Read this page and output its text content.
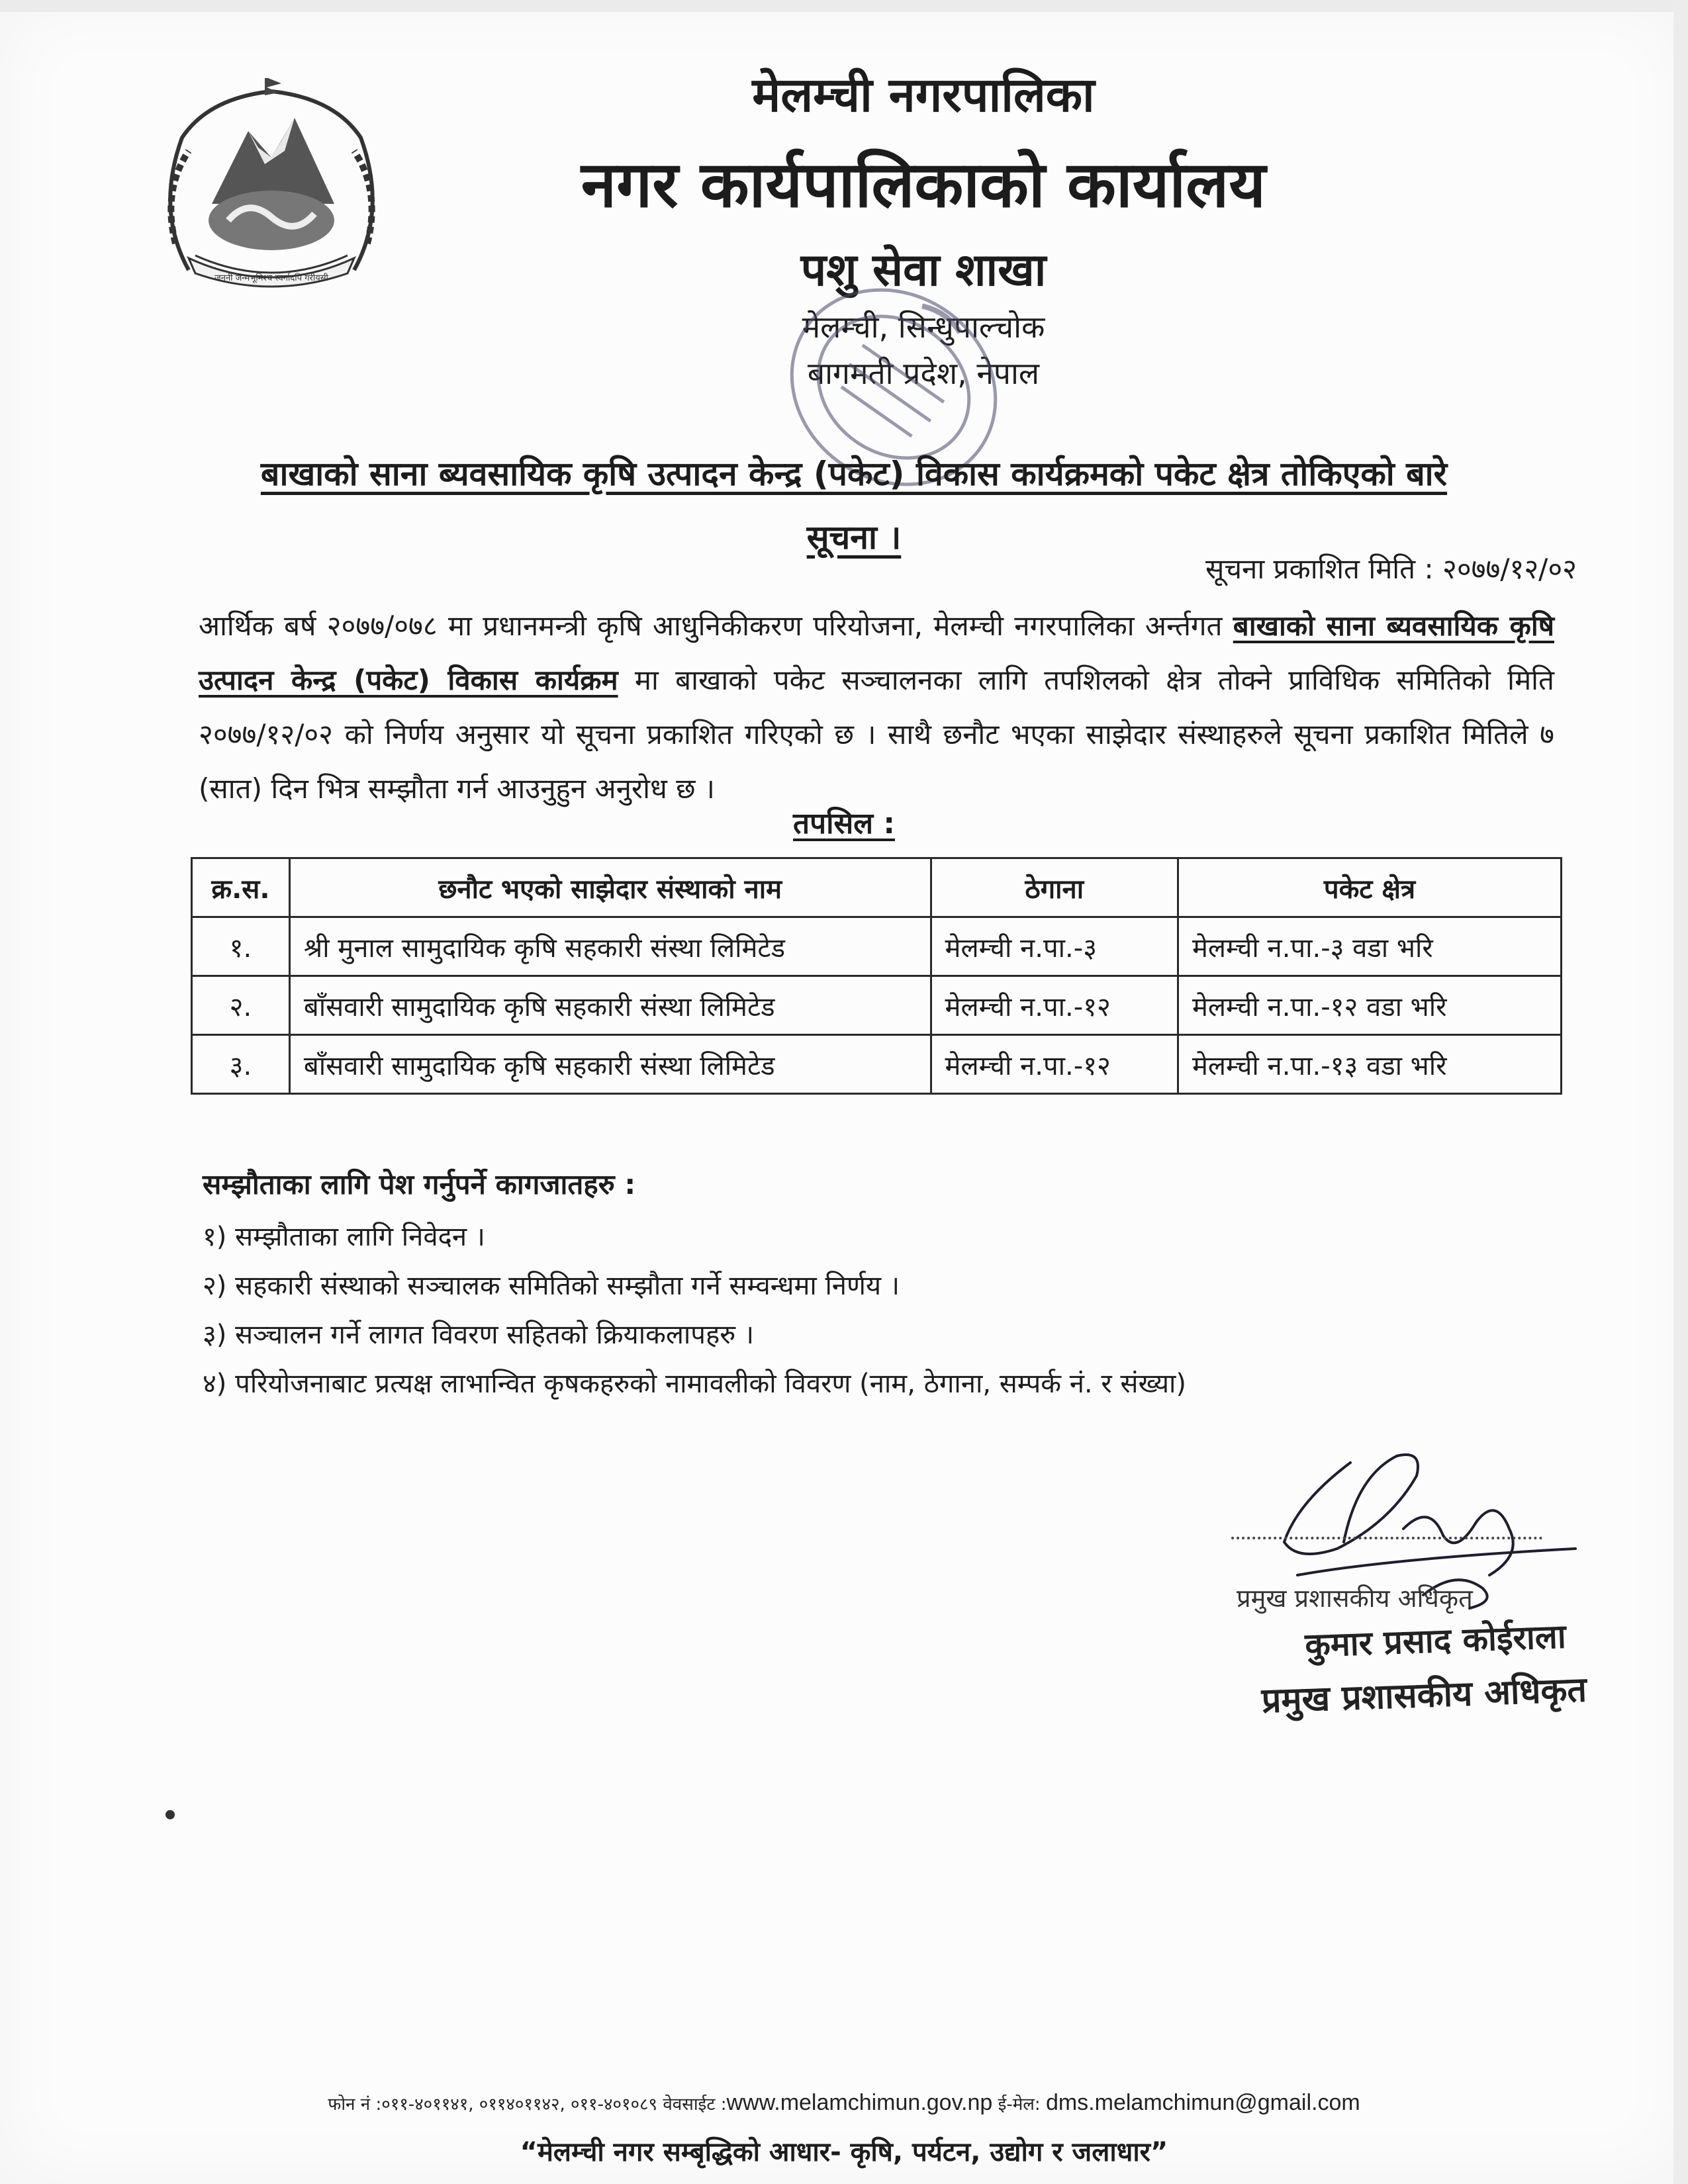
जननी जन्मभूमिश्च स्वर्गादपि गरीयसी
मेलम्ची नगरपालिका
नगर कार्यपालिकाको कार्यालय
पशु सेवा शाखा
मेलम्ची, सिन्धुपाल्चोक
बागमती प्रदेश, नेपाल
बाखाको साना ब्यवसायिक कृषि उत्पादन केन्द्र (पकेट) विकास कार्यक्रमको पकेट क्षेत्र तोकिएको बारे
सूचना ।
सूचना प्रकाशित मिति : २०७७/१२/०२
आर्थिक बर्ष २०७७/०७८ मा प्रधानमन्त्री कृषि आधुनिकीकरण परियोजना, मेलम्ची नगरपालिका अर्न्तगत बाखाको साना ब्यवसायिक कृषि उत्पादन केन्द्र (पकेट) विकास कार्यक्रम मा बाखाको पकेट सञ्चालनका लागि तपशिलको क्षेत्र तोक्ने प्राविधिक समितिको मिति २०७७/१२/०२ को निर्णय अनुसार यो सूचना प्रकाशित गरिएको छ । साथै छनौट भएका साझेदार संस्थाहरुले सूचना प्रकाशित मितिले ७ (सात) दिन भित्र सम्झौता गर्न आउनुहुन अनुरोध छ ।
तपसिल :
क्र.स.	छनौट भएको साझेदार संस्थाको नाम	ठेगाना	पकेट क्षेत्र
१.	श्री मुनाल सामुदायिक कृषि सहकारी संस्था लिमिटेड	मेलम्ची न.पा.-३	मेलम्ची न.पा.-३ वडा भरि
२.	बाँसवारी सामुदायिक कृषि सहकारी संस्था लिमिटेड	मेलम्ची न.पा.-१२	मेलम्ची न.पा.-१२ वडा भरि
३.	बाँसवारी सामुदायिक कृषि सहकारी संस्था लिमिटेड	मेलम्ची न.पा.-१२	मेलम्ची न.पा.-१३ वडा भरि
सम्झौताका लागि पेश गर्नुपर्ने कागजातहरु :
१) सम्झौताका लागि निवेदन ।
२) सहकारी संस्थाको सञ्चालक समितिको सम्झौता गर्ने सम्वन्धमा निर्णय ।
३) सञ्चालन गर्ने लागत विवरण सहितको क्रियाकलापहरु ।
४) परियोजनाबाट प्रत्यक्ष लाभान्वित कृषकहरुको नामावलीको विवरण (नाम, ठेगाना, सम्पर्क नं. र संख्या)
प्रमुख प्रशासकीय अधिकृत
कुमार प्रसाद कोईराला
प्रमुख प्रशासकीय अधिकृत
फोन नं :०११-४०११४१, ०११४०११४२, ०११-४०१०८९ वेवसाईट :www.melamchimun.gov.np ई-मेल: dms.melamchimun@gmail.com
“मेलम्ची नगर सम्बृद्धिको आधार- कृषि, पर्यटन, उद्योग र जलाधार”
